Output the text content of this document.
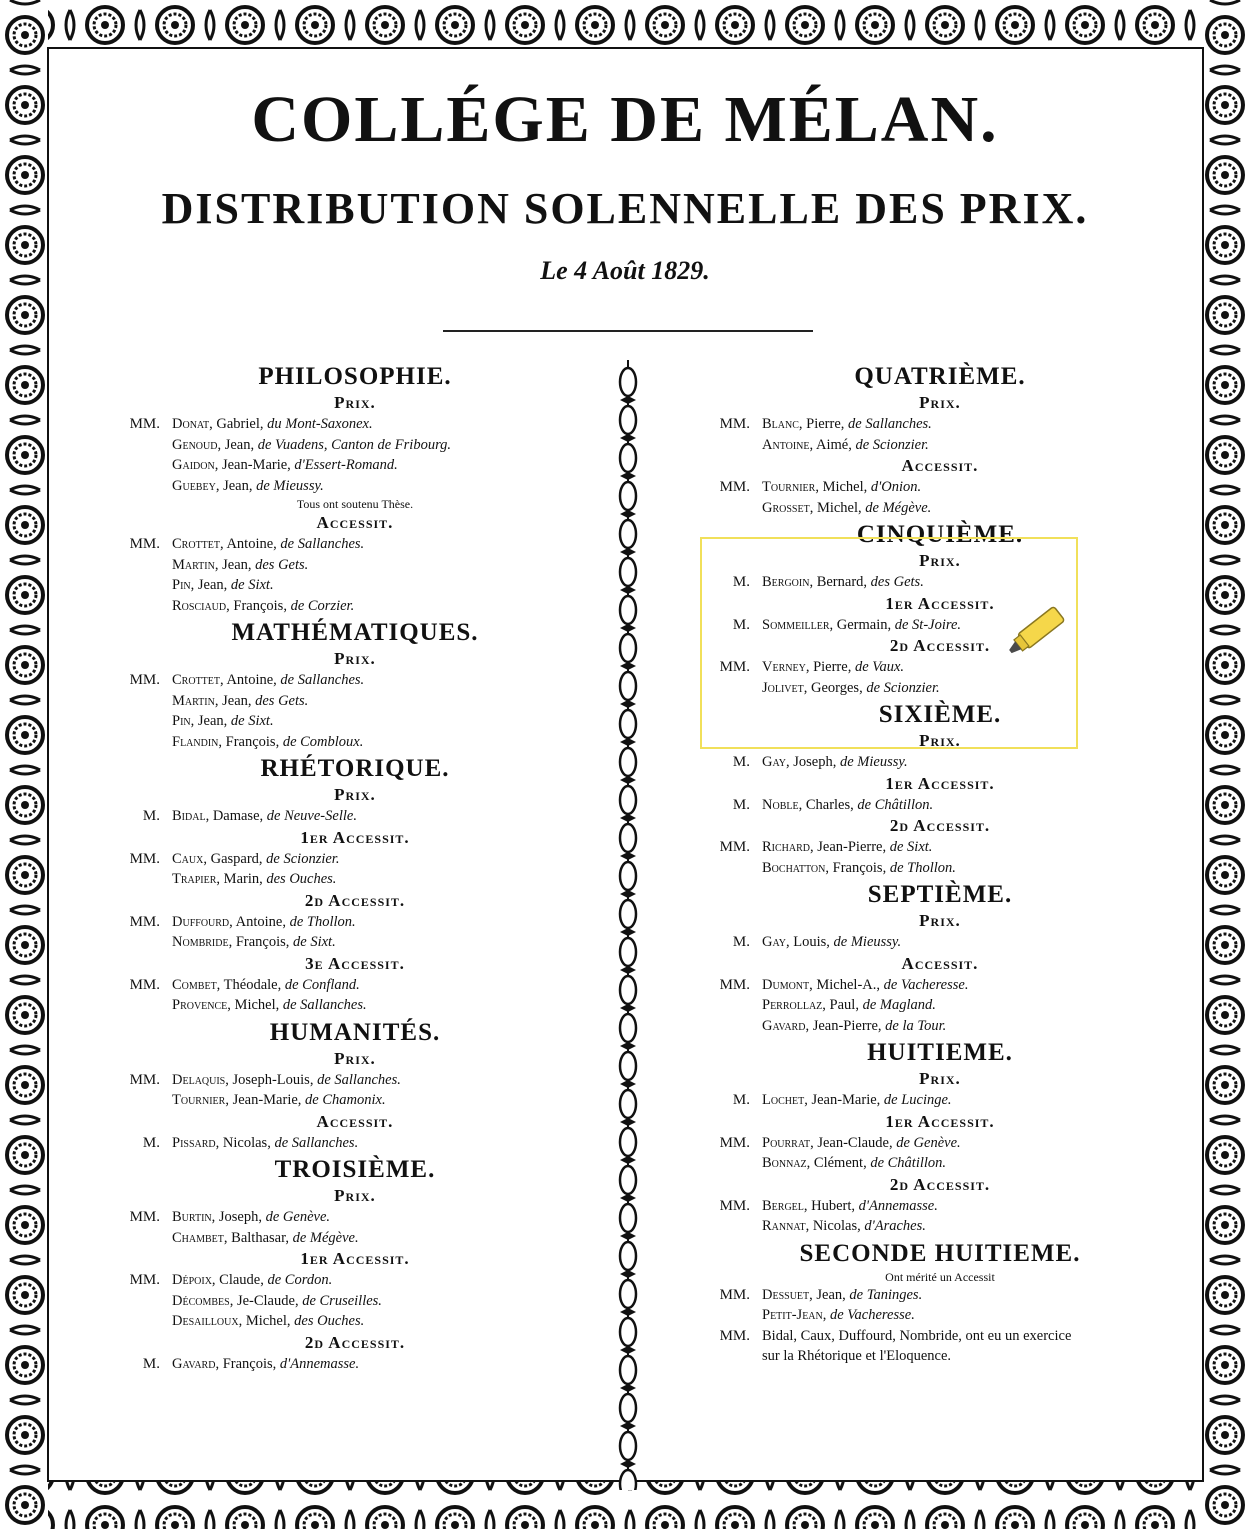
COLLÉGE DE MÉLAN.
DISTRIBUTION SOLENNELLE DES PRIX.
Le 4 Août 1829.
PHILOSOPHIE.
Prix.
MM. Donat, Gabriel, du Mont-Saxonex.
Genoud, Jean, de Vuadens, Canton de Fribourg.
Gaidon, Jean-Marie, d'Essert-Romand.
Guebey, Jean, de Mieussy.
Tous ont soutenu Thèse.
Accessit.
MM. Crottet, Antoine, de Sallanches.
Martin, Jean, des Gets.
Pin, Jean, de Sixt.
Rosciaud, François, de Corzier.
MATHÉMATIQUES.
Prix.
MM. Crottet, Antoine, de Sallanches.
Martin, Jean, des Gets.
Pin, Jean, de Sixt.
Flandin, François, de Combloux.
RHÉTORIQUE.
Prix.
M. Bidal, Damase, de Neuve-Selle.
1er Accessit.
MM. Caux, Gaspard, de Scionzier.
Trapier, Marin, des Ouches.
2d Accessit.
MM. Duffourd, Antoine, de Thollon.
Nombride, François, de Sixt.
3e Accessit.
MM. Combet, Théodale, de Confland.
Provence, Michel, de Sallanches.
HUMANITÉS.
Prix.
MM. Delaquis, Joseph-Louis, de Sallanches.
Tournier, Jean-Marie, de Chamonix.
Accessit.
M. Pissard, Nicolas, de Sallanches.
TROISIÈME.
Prix.
MM. Burtin, Joseph, de Genève.
Chambet, Balthasar, de Mégève.
1er Accessit.
MM. Dépoix, Claude, de Cordon.
Décombes, Je-Claude, de Cruseilles.
Desailloux, Michel, des Ouches.
2d Accessit.
M. Gavard, François, d'Annemasse.
QUATRIÈME.
Prix.
MM. Blanc, Pierre, de Sallanches.
Antoine, Aimé, de Scionzier.
Accessit.
MM. Tournier, Michel, d'Onion.
Grosset, Michel, de Mégève.
CINQUIÈME.
Prix.
M. Bergoin, Bernard, des Gets.
1er Accessit.
M. Sommeiller, Germain, de St-Joire.
2d Accessit.
MM. Verney, Pierre, de Vaux.
Jolivet, Georges, de Scionzier.
SIXIÈME.
Prix.
M. Gay, Joseph, de Mieussy.
1er Accessit.
M. Noble, Charles, de Châtillon.
2d Accessit.
MM. Richard, Jean-Pierre, de Sixt.
Bochatton, François, de Thollon.
SEPTIÈME.
Prix.
M. Gay, Louis, de Mieussy.
Accessit.
MM. Dumont, Michel-A., de Vacheresse.
Perrollaz, Paul, de Magland.
Gavard, Jean-Pierre, de la Tour.
HUITIEME.
Prix.
M. Lochet, Jean-Marie, de Lucinge.
1er Accessit.
MM. Pourrat, Jean-Claude, de Genève.
Bonnaz, Clément, de Châtillon.
2d Accessit.
MM. Bergel, Hubert, d'Annemasse.
Rannat, Nicolas, d'Araches.
SECONDE HUITIEME.
Ont mérité un Accessit
MM. Dessuet, Jean, de Taninges.
Petit-Jean, de Vacheresse.
MM. Bidal, Caux, Duffourd, Nombride, ont eu un exercice
sur la Rhétorique et l'Eloquence.
